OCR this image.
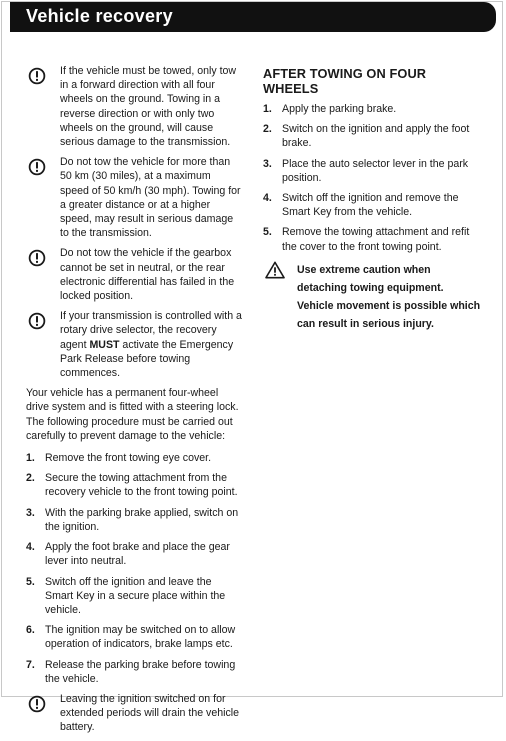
Vehicle recovery
If the vehicle must be towed, only tow in a forward direction with all four wheels on the ground. Towing in a reverse direction or with only two wheels on the ground, will cause serious damage to the transmission.
Do not tow the vehicle for more than 50 km (30 miles), at a maximum speed of 50 km/h (30 mph). Towing for a greater distance or at a higher speed, may result in serious damage to the transmission.
Do not tow the vehicle if the gearbox cannot be set in neutral, or the rear electronic differential has failed in the locked position.
If your transmission is controlled with a rotary drive selector, the recovery agent MUST activate the Emergency Park Release before towing commences.

Your vehicle has a permanent four-wheel drive system and is fitted with a steering lock. The following procedure must be carried out carefully to prevent damage to the vehicle:

1. Remove the front towing eye cover.
2. Secure the towing attachment from the recovery vehicle to the front towing point.
3. With the parking brake applied, switch on the ignition.
4. Apply the foot brake and place the gear lever into neutral.
5. Switch off the ignition and leave the Smart Key in a secure place within the vehicle.
6. The ignition may be switched on to allow operation of indicators, brake lamps etc.
7. Release the parking brake before towing the vehicle.
Leaving the ignition switched on for extended periods will drain the vehicle battery.
AFTER TOWING ON FOUR WHEELS
1. Apply the parking brake.
2. Switch on the ignition and apply the foot brake.
3. Place the auto selector lever in the park position.
4. Switch off the ignition and remove the Smart Key from the vehicle.
5. Remove the towing attachment and refit the cover to the front towing point.
Use extreme caution when detaching towing equipment. Vehicle movement is possible which can result in serious injury.
